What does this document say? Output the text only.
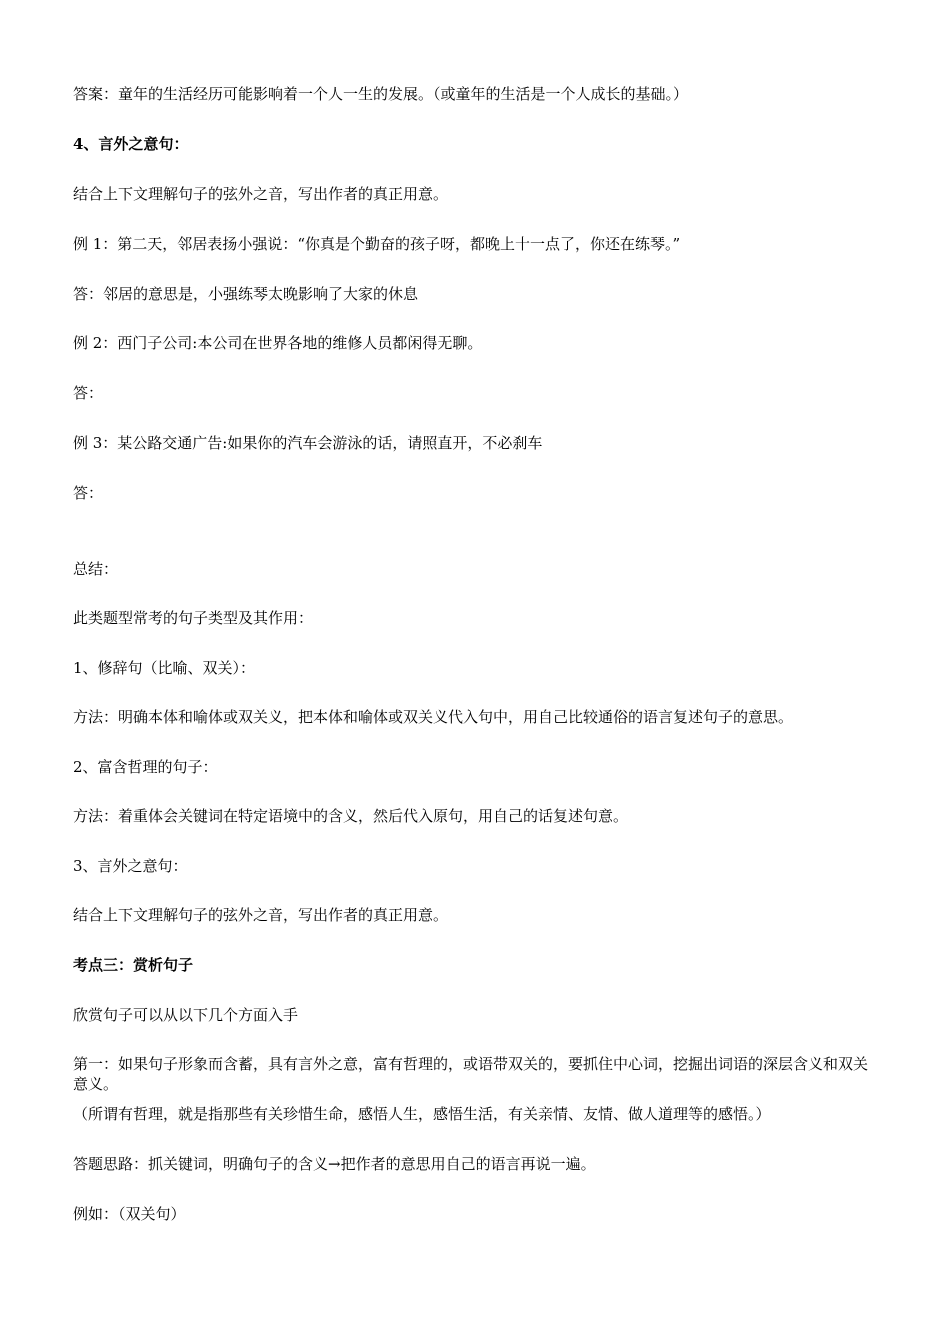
答案：童年的生活经历可能影响着一个人一生的发展。（或童年的生活是一个人成长的基础。）
4、言外之意句：
结合上下文理解句子的弦外之音，写出作者的真正用意。
例 1：第二天，邻居表扬小强说：“你真是个勤奋的孩子呀，都晚上十一点了，你还在练琴。”
答：邻居的意思是，小强练琴太晚影响了大家的休息
例 2：西门子公司:本公司在世界各地的维修人员都闲得无聊。
答：
例 3：某公路交通广告:如果你的汽车会游泳的话，请照直开，不必刹车
答：
总结：
此类题型常考的句子类型及其作用：
1、修辞句（比喻、双关）：
方法：明确本体和喻体或双关义，把本体和喻体或双关义代入句中，用自己比较通俗的语言复述句子的意思。
2、富含哲理的句子：
方法：着重体会关键词在特定语境中的含义，然后代入原句，用自己的话复述句意。
3、言外之意句：
结合上下文理解句子的弦外之音，写出作者的真正用意。
考点三：赏析句子
欣赏句子可以从以下几个方面入手
第一：如果句子形象而含蓄，具有言外之意，富有哲理的，或语带双关的，要抓住中心词，挖掘出词语的深层含义和双关
意义。
（所谓有哲理，就是指那些有关珍惜生命，感悟人生，感悟生活，有关亲情、友情、做人道理等的感悟。）
答题思路：抓关键词，明确句子的含义→把作者的意思用自己的语言再说一遍。
例如：（双关句）
